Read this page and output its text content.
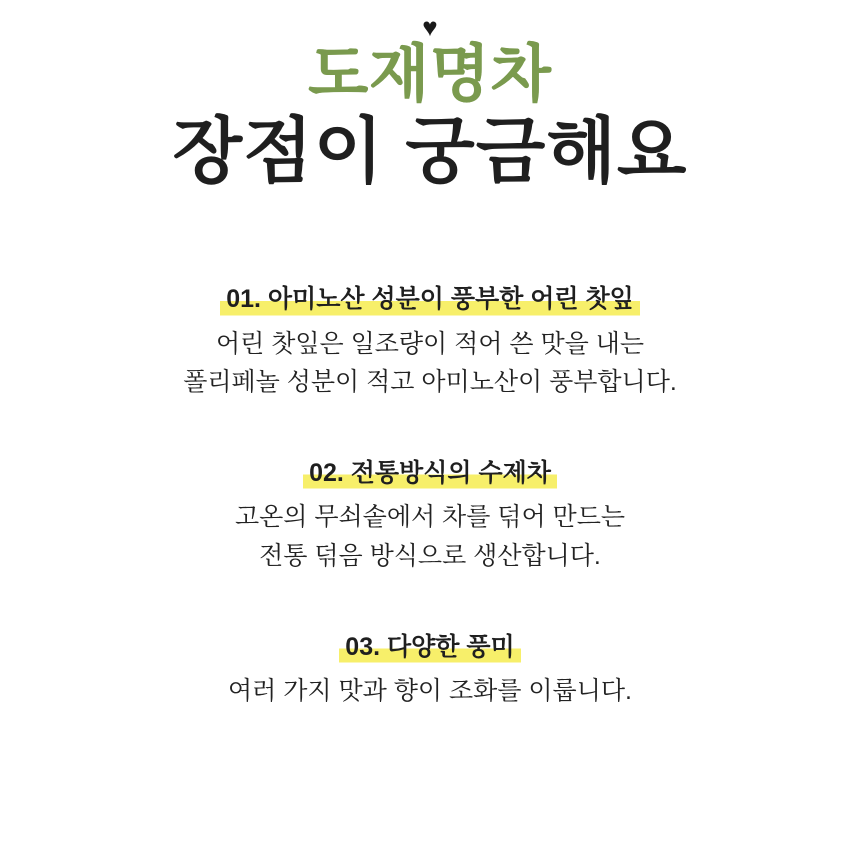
♥
도재명차
장점이 궁금해요
01. 아미노산 성분이 풍부한 어린 찻잎
어린 찻잎은 일조량이 적어 쓴 맛을 내는
폴리페놀 성분이 적고 아미노산이 풍부합니다.
02. 전통방식의 수제차
고온의 무쇠솥에서 차를 덖어 만드는
전통 덖음 방식으로 생산합니다.
03. 다양한 풍미
여러 가지 맛과 향이 조화를 이룹니다.
